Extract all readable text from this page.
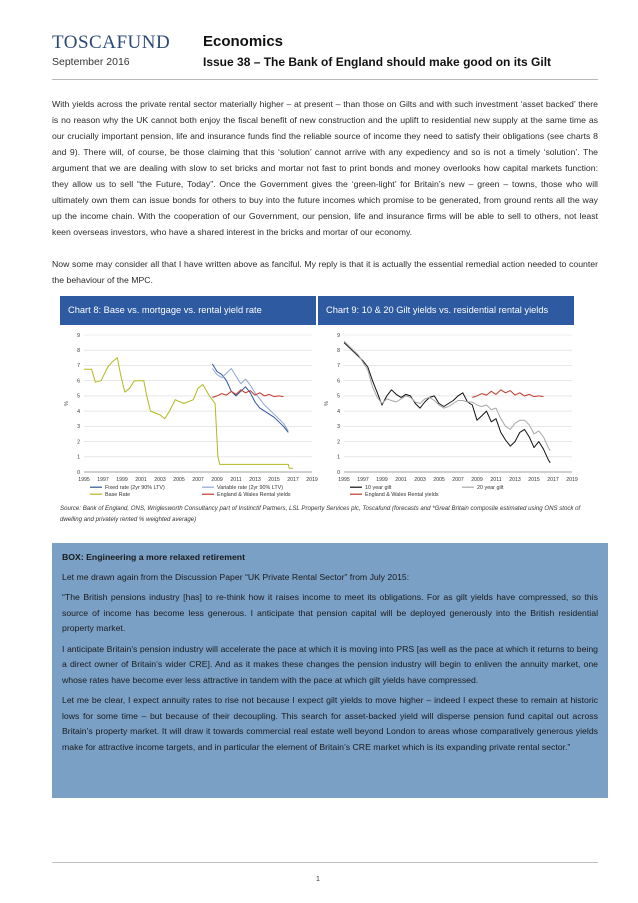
TOSCAFUND
September 2016
Economics
Issue 38 – The Bank of England should make good on its Gilt

With yields across the private rental sector materially higher – at present – than those on Gilts and with such investment ‘asset backed’ there is no reason why the UK cannot both enjoy the fiscal benefit of new construction and the uplift to residential new supply at the same time as our crucially important pension, life and insurance funds find the reliable source of income they need to satisfy their obligations (see charts 8 and 9). There will, of course, be those claiming that this ‘solution’ cannot arrive with any expediency and so is not a timely ‘solution’. The argument that we are dealing with slow to set bricks and mortar not fast to print bonds and money overlooks how capital markets function: they allow us to sell “the Future, Today”. Once the Government gives the ‘green-light’ for Britain’s new – green – towns, those who will ultimately own them can issue bonds for others to buy into the future incomes which promise to be generated, from ground rents all the way up the income chain. With the cooperation of our Government, our pension, life and insurance firms will be able to sell to others, not least keen overseas investors, who have a shared interest in the bricks and mortar of our economy.

Now some may consider all that I have written above as fanciful. My reply is that it is actually the essential remedial action needed to counter the behaviour of the MPC.

Chart 8: Base vs. mortgage vs. rental yield rate	Chart 9: 10 & 20 Gilt yields vs. residential rental yields
0
1
2
3
4
5
6
7
8
9
1995 1997 1999 2001 2003 2005 2007 2009 2011 2013 2015 2017 2019
%
Fixed rate (2yr 90% LTV)	Variable rate (2yr 90% LTV)
Base Rate	England & Wales Rental yields
0
1
2
3
4
5
6
7
8
9
1995 1997 1999 2001 2003 2005 2007 2009 2011 2013 2015 2017 2019
%
10 year gilt	20 year gilt
England & Wales Rental yields

Source: Bank of England, ONS, Wriglesworth Consultancy part of Instinctif Partners, LSL Property Services plc, Toscafund (forecasts and *Great Britain composite estimated using ONS stock of dwelling and privately rented % weighted average)

BOX: Engineering a more relaxed retirement

Let me drawn again from the Discussion Paper “UK Private Rental Sector” from July 2015:

“The British pensions industry [has] to re-think how it raises income to meet its obligations. For as gilt yields have compressed, so this source of income has become less generous. I anticipate that pension capital will be deployed generously into the British residential property market.

I anticipate Britain’s pension industry will accelerate the pace at which it is moving into PRS [as well as the pace at which it returns to being a direct owner of Britain’s wider CRE]. And as it makes these changes the pension industry will begin to enliven the annuity market, one whose rates have become ever less attractive in tandem with the pace at which gilt yields have compressed.

Let me be clear, I expect annuity rates to rise not because I expect gilt yields to move higher – indeed I expect these to remain at historic lows for some time – but because of their decoupling. This search for asset-backed yield will disperse pension fund capital out across Britain’s property market. It will draw it towards commercial real estate well beyond London to areas whose comparatively generous yields make for attractive income targets, and in particular the element of Britain’s CRE market which is its expanding private rental sector.”

1
